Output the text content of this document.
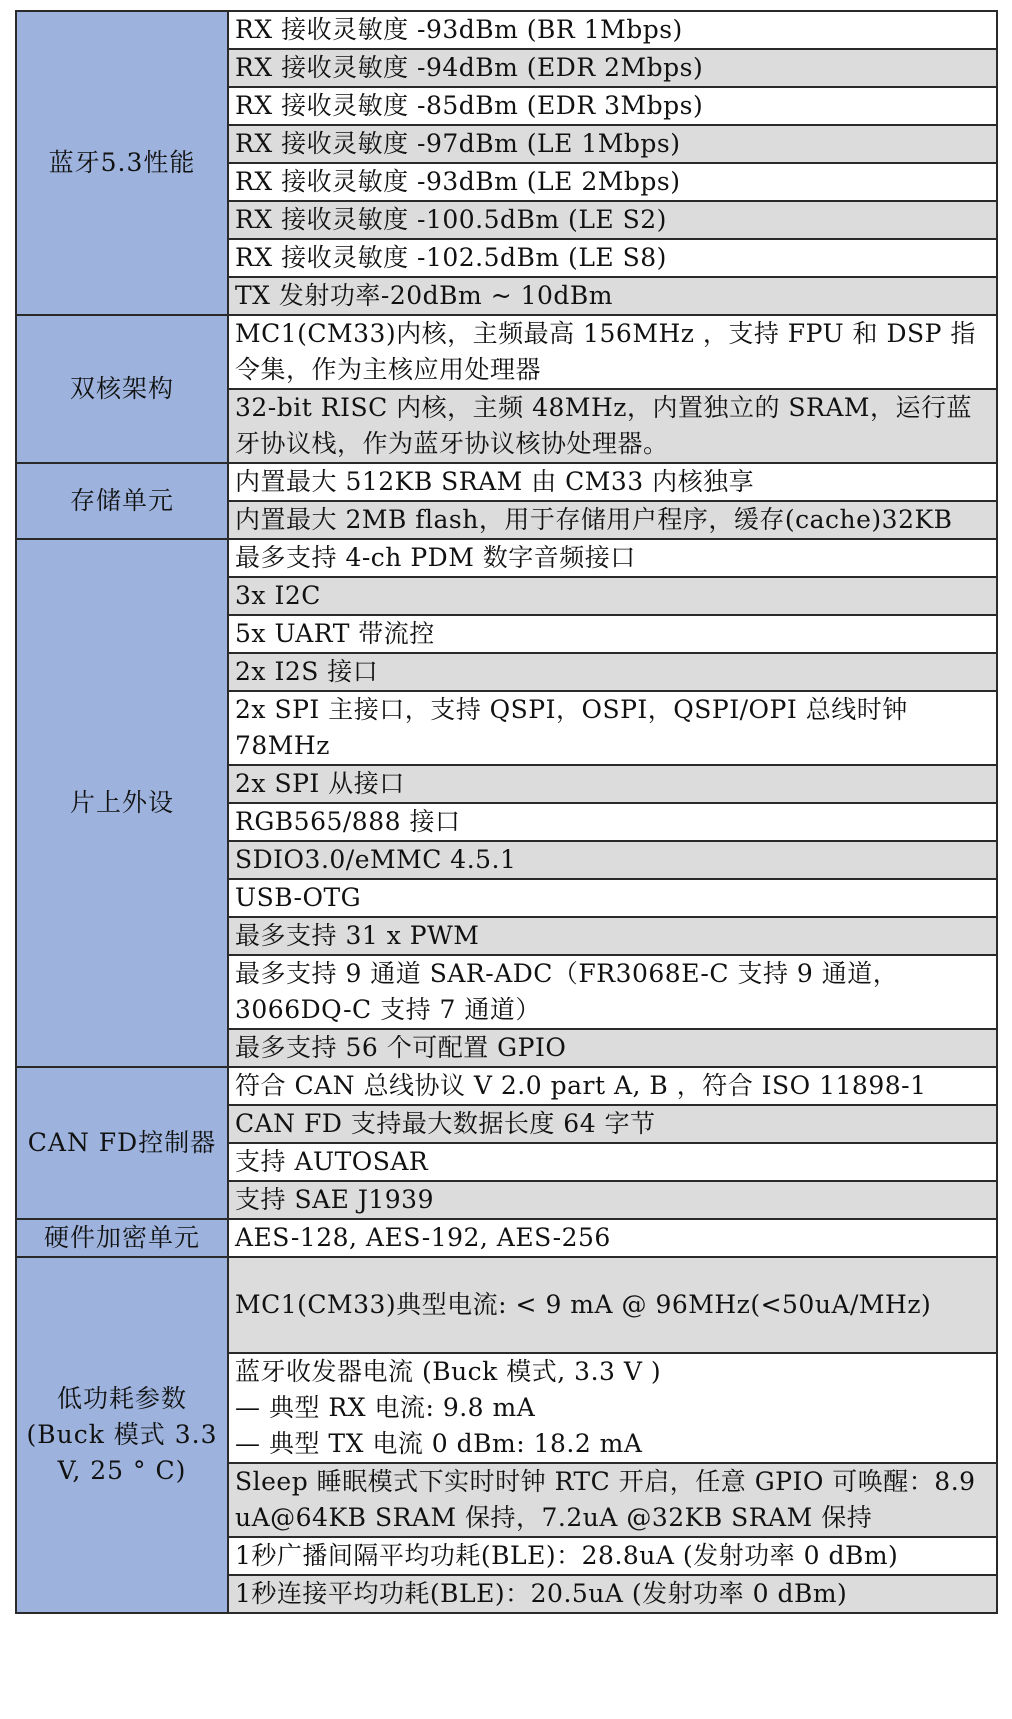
蓝牙5.3性能	RX 接收灵敏度 -93dBm (BR 1Mbps)
	RX 接收灵敏度 -94dBm (EDR 2Mbps)
	RX 接收灵敏度 -85dBm (EDR 3Mbps)
	RX 接收灵敏度 -97dBm (LE 1Mbps)
	RX 接收灵敏度 -93dBm (LE 2Mbps)
	RX 接收灵敏度 -100.5dBm (LE S2)
	RX 接收灵敏度 -102.5dBm (LE S8)
	TX 发射功率-20dBm ~ 10dBm
双核架构	MC1(CM33)内核，主频最高 156MHz ，支持 FPU 和 DSP 指令集，作为主核应用处理器
	32-bit RISC 内核，主频 48MHz，内置独立的 SRAM，运行蓝牙协议栈，作为蓝牙协议核协处理器。
存储单元	内置最大 512KB SRAM 由 CM33 内核独享
	内置最大 2MB flash，用于存储用户程序，缓存(cache)32KB
片上外设	最多支持 4-ch PDM 数字音频接口
	3x I2C
	5x UART 带流控
	2x I2S 接口
	2x SPI 主接口，支持 QSPI，OSPI，QSPI/OPI 总线时钟 78MHz
	2x SPI 从接口
	RGB565/888 接口
	SDIO3.0/eMMC 4.5.1
	USB-OTG
	最多支持 31 x PWM
	最多支持 9 通道 SAR-ADC（FR3068E-C 支持 9 通道，3066DQ-C 支持 7 通道）
	最多支持 56 个可配置 GPIO
CAN FD控制器	符合 CAN 总线协议 V 2.0 part A, B ，符合 ISO 11898-1
	CAN FD 支持最大数据长度 64 字节
	支持 AUTOSAR
	支持 SAE J1939
硬件加密单元	AES-128, AES-192, AES-256
低功耗参数 (Buck 模式 3.3 V, 25 ° C)	MC1(CM33)典型电流: < 9 mA @ 96MHz(<50uA/MHz)

	蓝牙收发器电流 (Buck 模式, 3.3 V )
— 典型 RX 电流: 9.8 mA
— 典型 TX 电流 0 dBm: 18.2 mA

	Sleep 睡眠模式下实时时钟 RTC 开启，任意 GPIO 可唤醒：8.9 uA@64KB SRAM 保持，7.2uA @32KB SRAM 保持
	1秒广播间隔平均功耗(BLE)：28.8uA (发射功率 0 dBm)
	1秒连接平均功耗(BLE)：20.5uA (发射功率 0 dBm)
